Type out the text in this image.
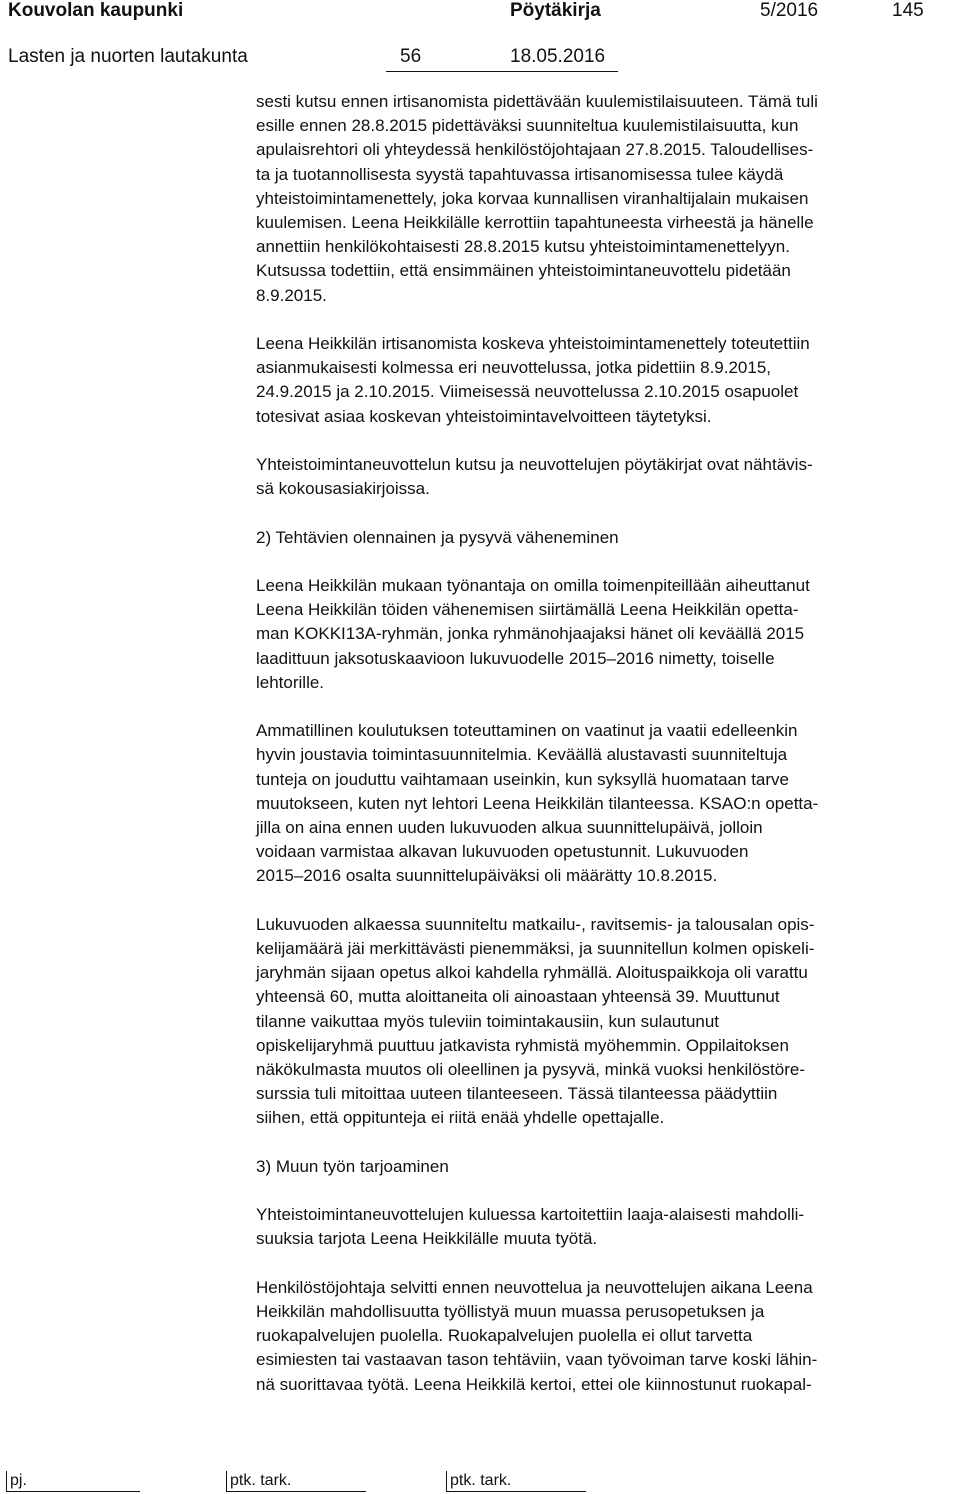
Kouvolan kaupunki	Pöytäkirja	5/2016	145
Lasten ja nuorten lautakunta	56	18.05.2016

sesti kutsu ennen irtisanomista pidettävään kuulemistilaisuuteen. Tämä tuli
esille ennen 28.8.2015 pidettäväksi suunniteltua kuulemistilaisuutta, kun
apulaisrehtori oli yhteydessä henkilöstöjohtajaan 27.8.2015. Taloudellises-
ta ja tuotannollisesta syystä tapahtuvassa irtisanomisessa tulee käydä
yhteistoimintamenettely, joka korvaa kunnallisen viranhaltijalain mukaisen
kuulemisen. Leena Heikkilälle kerrottiin tapahtuneesta virheestä ja hänelle
annettiin henkilökohtaisesti 28.8.2015 kutsu yhteistoimintamenettelyyn.
Kutsussa todettiin, että ensimmäinen yhteistoimintaneuvottelu pidetään
8.9.2015.

Leena Heikkilän irtisanomista koskeva yhteistoimintamenettely toteutettiin
asianmukaisesti kolmessa eri neuvottelussa, jotka pidettiin 8.9.2015,
24.9.2015 ja 2.10.2015. Viimeisessä neuvottelussa 2.10.2015 osapuolet
totesivat asiaa koskevan yhteistoimintavelvoitteen täytetyksi.

Yhteistoimintaneuvottelun kutsu ja neuvottelujen pöytäkirjat ovat nähtävis-
sä kokousasiakirjoissa.

2) Tehtävien olennainen ja pysyvä väheneminen

Leena Heikkilän mukaan työnantaja on omilla toimenpiteillään aiheuttanut
Leena Heikkilän töiden vähenemisen siirtämällä Leena Heikkilän opetta-
man KOKKI13A-ryhmän, jonka ryhmänohjaajaksi hänet oli keväällä 2015
laadittuun jaksotuskaavioon lukuvuodelle 2015–2016 nimetty, toiselle
lehtorille.

Ammatillinen koulutuksen toteuttaminen on vaatinut ja vaatii edelleenkin
hyvin joustavia toimintasuunnitelmia. Keväällä alustavasti suunniteltuja
tunteja on jouduttu vaihtamaan useinkin, kun syksyllä huomataan tarve
muutokseen, kuten nyt lehtori Leena Heikkilän tilanteessa. KSAO:n opetta-
jilla on aina ennen uuden lukuvuoden alkua suunnittelupäivä, jolloin
voidaan varmistaa alkavan lukuvuoden opetustunnit. Lukuvuoden
2015–2016 osalta suunnittelupäiväksi oli määrätty 10.8.2015.

Lukuvuoden alkaessa suunniteltu matkailu-, ravitsemis- ja talousalan opis-
kelijamäärä jäi merkittävästi pienemmäksi, ja suunnitellun kolmen opiskeli-
jaryhmän sijaan opetus alkoi kahdella ryhmällä. Aloituspaikkoja oli varattu
yhteensä 60, mutta aloittaneita oli ainoastaan yhteensä 39. Muuttunut
tilanne vaikuttaa myös tuleviin toimintakausiin, kun sulautunut
opiskelijaryhmä puuttuu jatkavista ryhmistä myöhemmin. Oppilaitoksen
näkökulmasta muutos oli oleellinen ja pysyvä, minkä vuoksi henkilöstöre-
surssia tuli mitoittaa uuteen tilanteeseen. Tässä tilanteessa päädyttiin
siihen, että oppitunteja ei riitä enää yhdelle opettajalle.

3) Muun työn tarjoaminen

Yhteistoimintaneuvottelujen kuluessa kartoitettiin laaja-alaisesti mahdolli-
suuksia tarjota Leena Heikkilälle muuta työtä.

Henkilöstöjohtaja selvitti ennen neuvottelua ja neuvottelujen aikana Leena
Heikkilän mahdollisuutta työllistyä muun muassa perusopetuksen ja
ruokapalvelujen puolella. Ruokapalvelujen puolella ei ollut tarvetta
esimiesten tai vastaavan tason tehtäviin, vaan työvoiman tarve koski lähin-
nä suorittavaa työtä. Leena Heikkilä kertoi, ettei ole kiinnostunut ruokapal-

pj.	ptk. tark.	ptk. tark.
